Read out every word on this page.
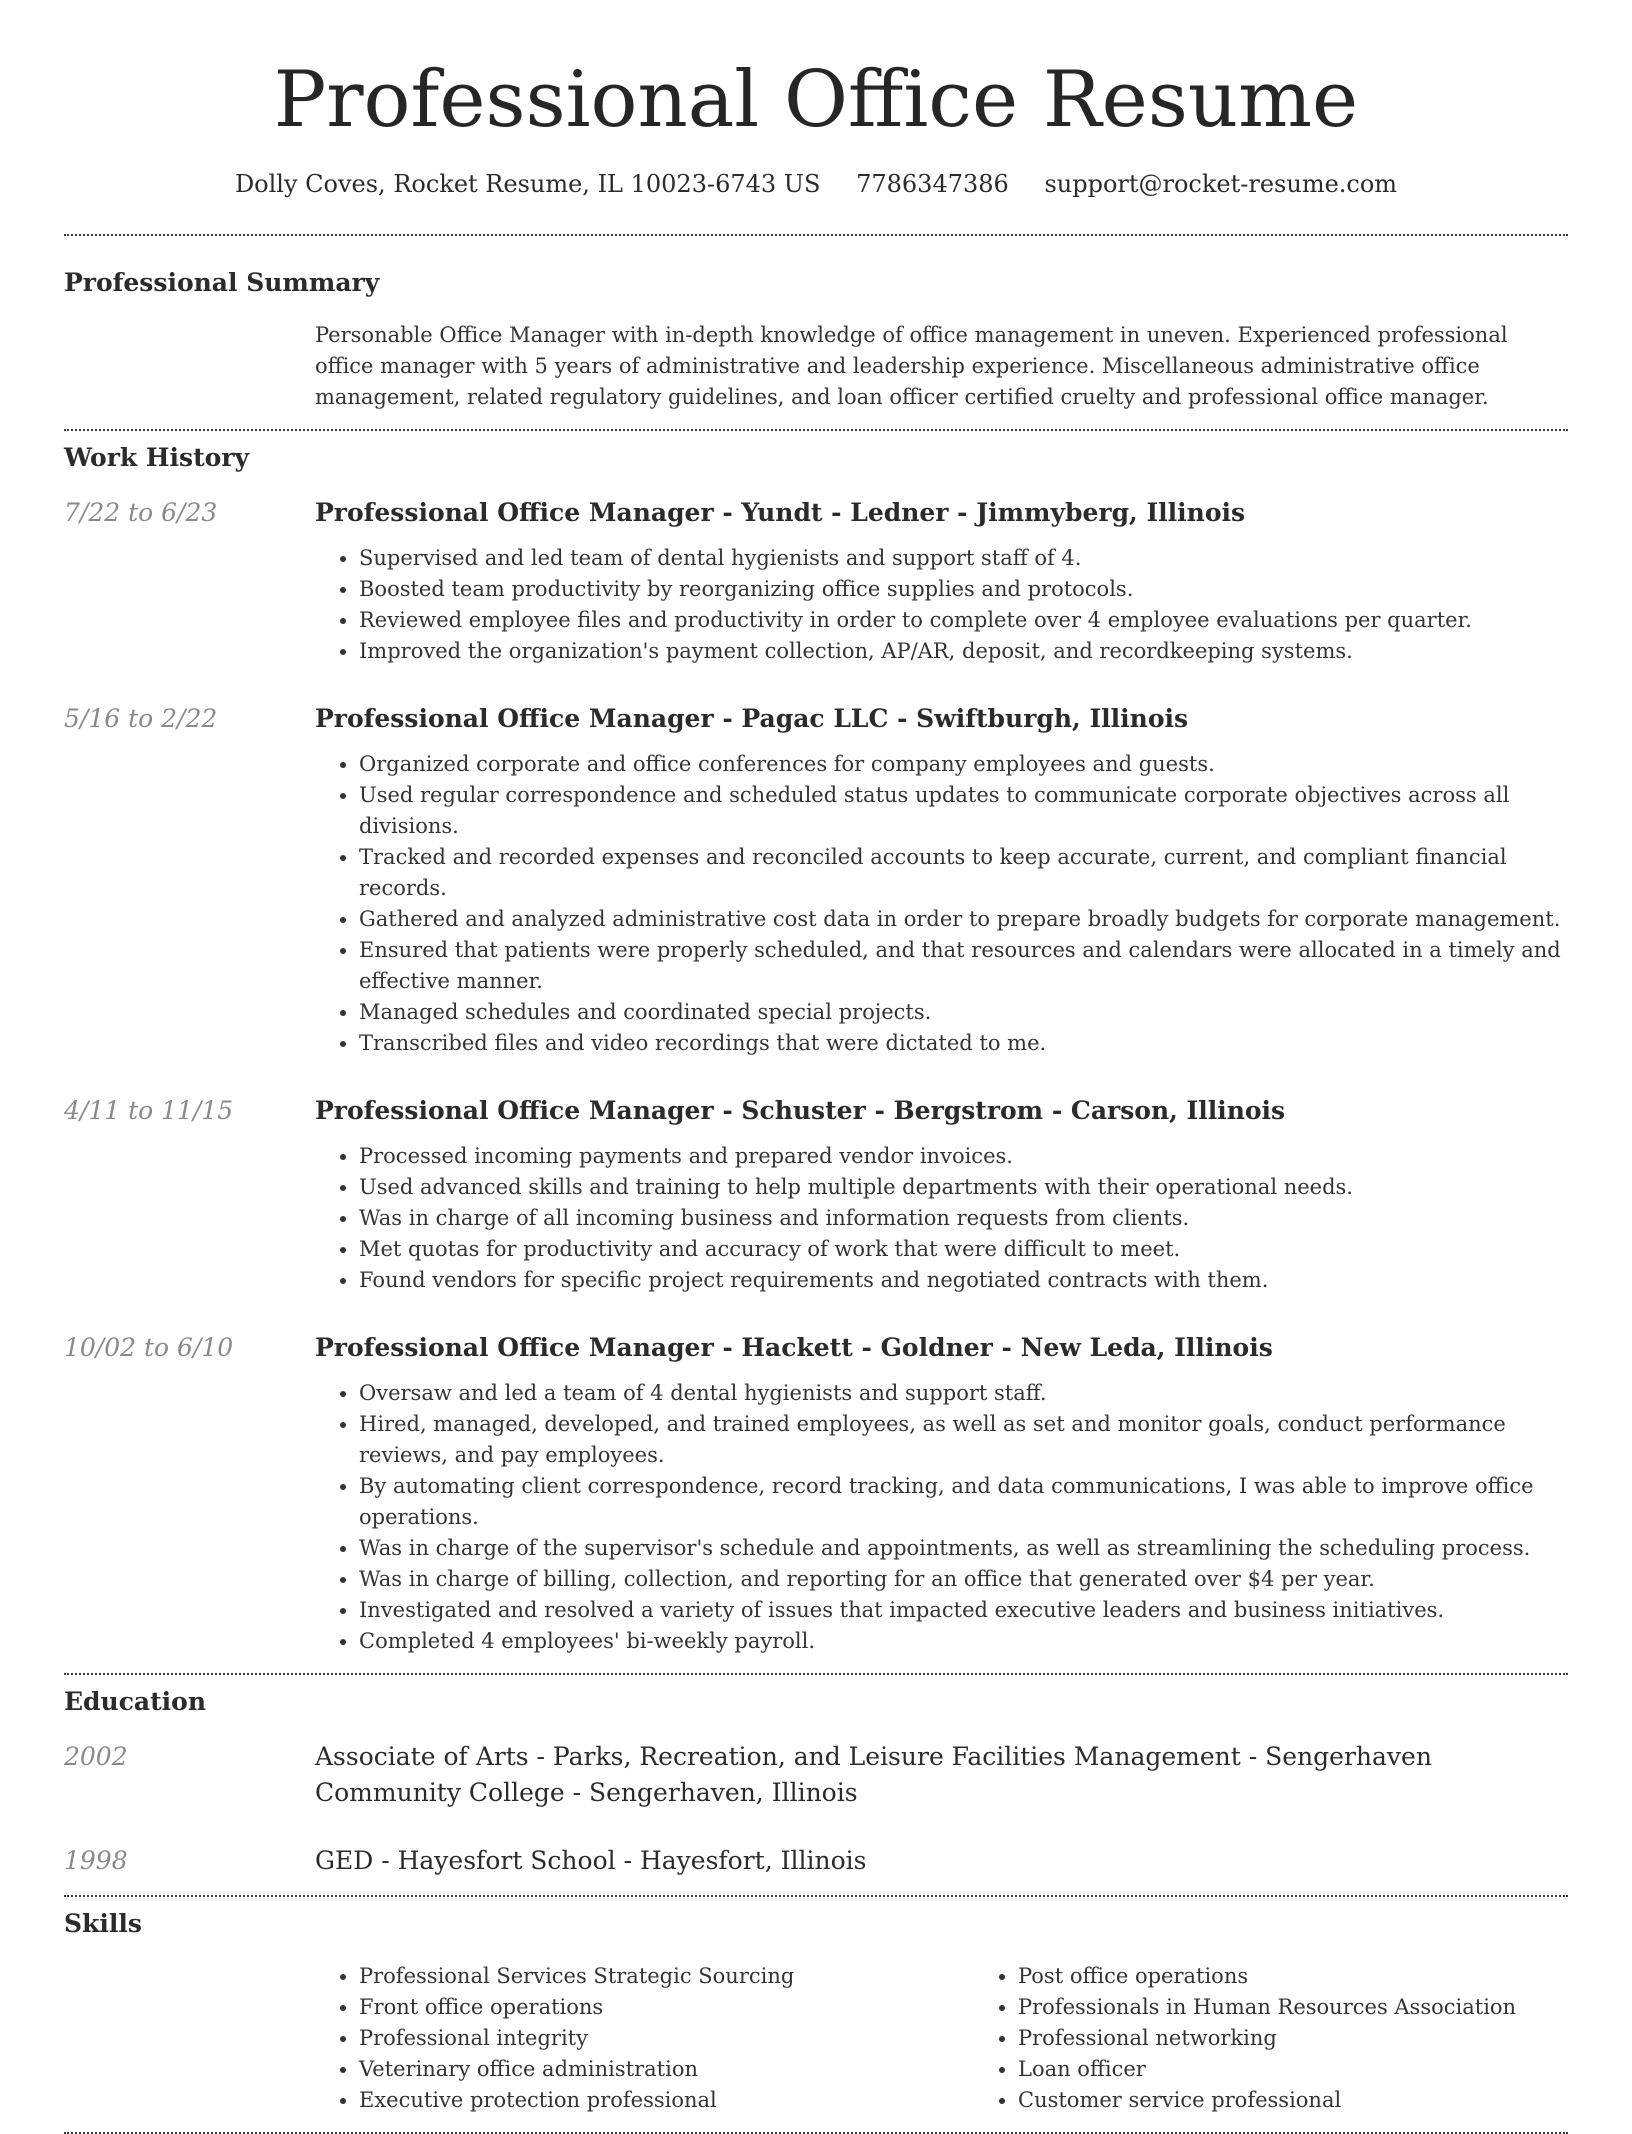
Professional Office Resume
Dolly Coves, Rocket Resume, IL 10023-6743 US 7786347386 support@rocket-resume.com
Professional Summary

Personable Office Manager with in-depth knowledge of office management in uneven. Experienced professional office manager with 5 years of administrative and leadership experience. Miscellaneous administrative office management, related regulatory guidelines, and loan officer certified cruelty and professional office manager.

Work History
7/22 to 6/23	Professional Office Manager - Yundt - Ledner - Jimmyberg, Illinois
• Supervised and led team of dental hygienists and support staff of 4.
• Boosted team productivity by reorganizing office supplies and protocols.
• Reviewed employee files and productivity in order to complete over 4 employee evaluations per quarter.
• Improved the organization's payment collection, AP/AR, deposit, and recordkeeping systems.
5/16 to 2/22	Professional Office Manager - Pagac LLC - Swiftburgh, Illinois
• Organized corporate and office conferences for company employees and guests.
• Used regular correspondence and scheduled status updates to communicate corporate objectives across all divisions.
• Tracked and recorded expenses and reconciled accounts to keep accurate, current, and compliant financial records.
• Gathered and analyzed administrative cost data in order to prepare broadly budgets for corporate management.
• Ensured that patients were properly scheduled, and that resources and calendars were allocated in a timely and effective manner.
• Managed schedules and coordinated special projects.
• Transcribed files and video recordings that were dictated to me.
4/11 to 11/15	Professional Office Manager - Schuster - Bergstrom - Carson, Illinois
• Processed incoming payments and prepared vendor invoices.
• Used advanced skills and training to help multiple departments with their operational needs.
• Was in charge of all incoming business and information requests from clients.
• Met quotas for productivity and accuracy of work that were difficult to meet.
• Found vendors for specific project requirements and negotiated contracts with them.
10/02 to 6/10	Professional Office Manager - Hackett - Goldner - New Leda, Illinois
• Oversaw and led a team of 4 dental hygienists and support staff.
• Hired, managed, developed, and trained employees, as well as set and monitor goals, conduct performance reviews, and pay employees.
• By automating client correspondence, record tracking, and data communications, I was able to improve office operations.
• Was in charge of the supervisor's schedule and appointments, as well as streamlining the scheduling process.
• Was in charge of billing, collection, and reporting for an office that generated over $4 per year.
• Investigated and resolved a variety of issues that impacted executive leaders and business initiatives.
• Completed 4 employees' bi-weekly payroll.
Education
2002	Associate of Arts - Parks, Recreation, and Leisure Facilities Management - Sengerhaven Community College - Sengerhaven, Illinois
1998	GED - Hayesfort School - Hayesfort, Illinois
Skills
• Professional Services Strategic Sourcing
• Front office operations
• Professional integrity
• Veterinary office administration
• Executive protection professional
• Post office operations
• Professionals in Human Resources Association
• Professional networking
• Loan officer
• Customer service professional
